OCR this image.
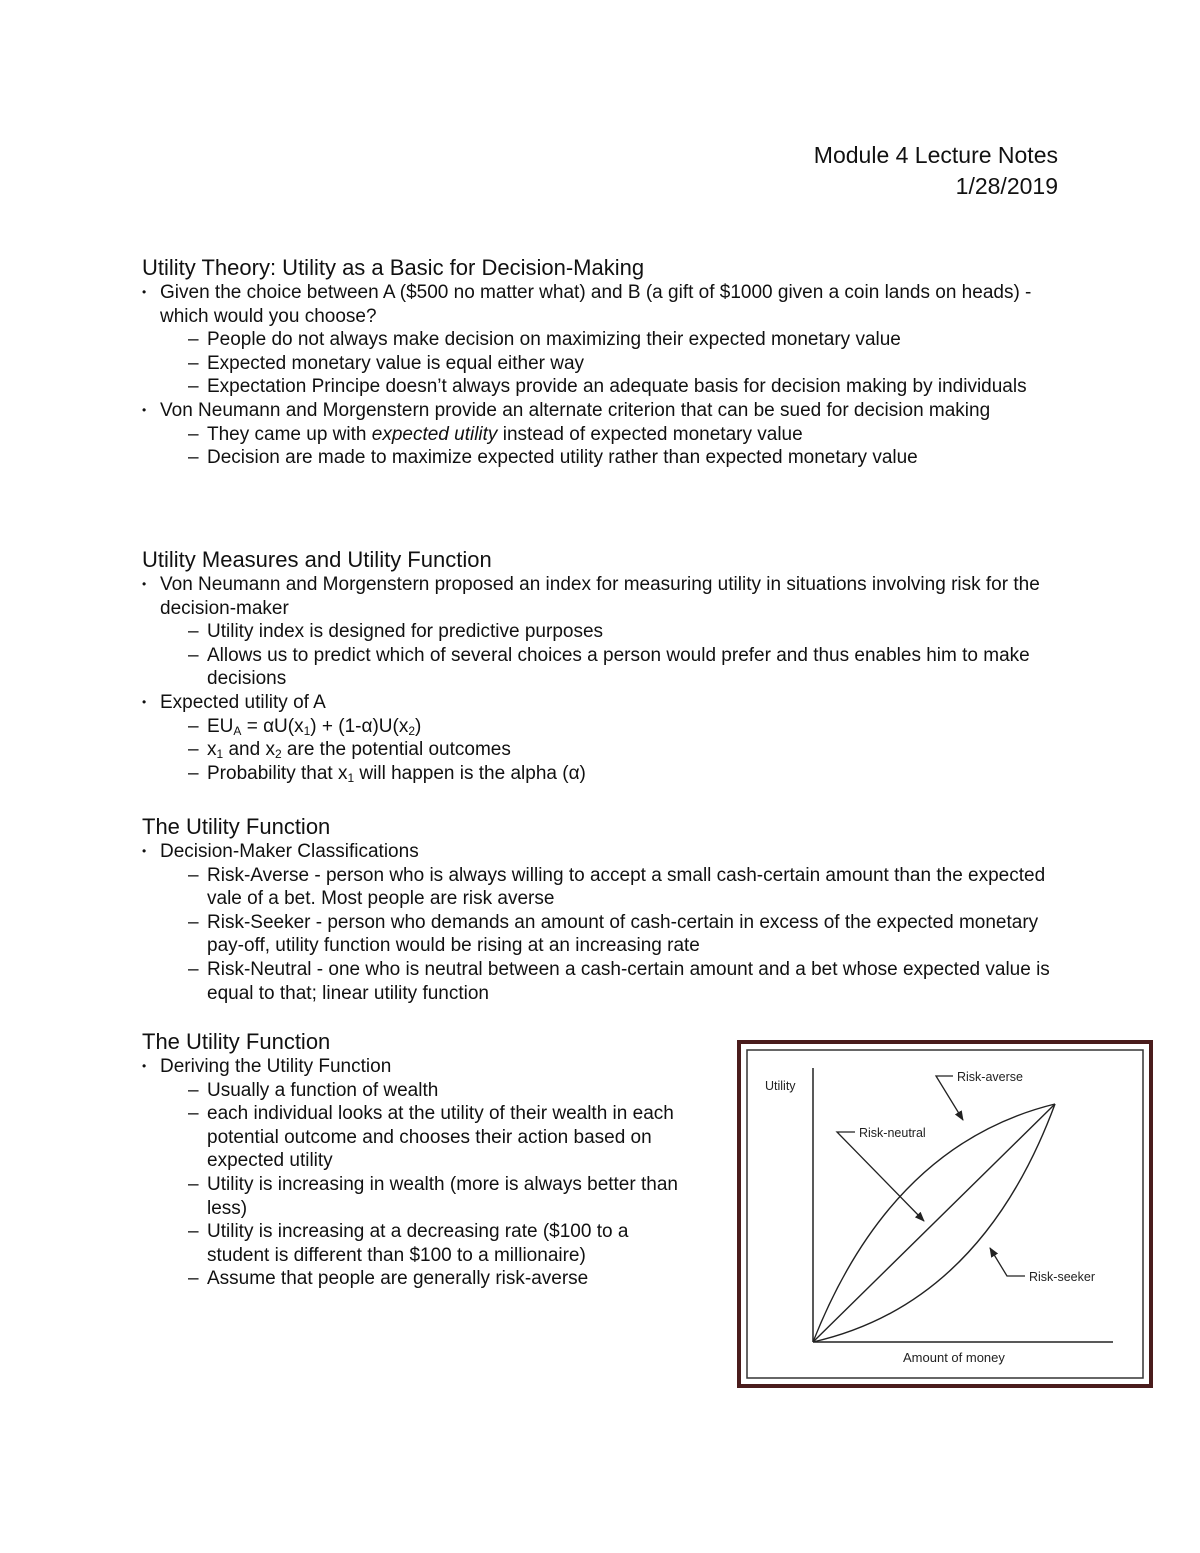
Module 4 Lecture Notes
1/28/2019
Utility Theory: Utility as a Basic for Decision-Making
• Given the choice between A ($500 no matter what) and B (a gift of $1000 given a coin lands on heads) - which would you choose?
– People do not always make decision on maximizing their expected monetary value
– Expected monetary value is equal either way
– Expectation Principe doesn’t always provide an adequate basis for decision making by individuals
• Von Neumann and Morgenstern provide an alternate criterion that can be sued for decision making
– They came up with expected utility instead of expected monetary value
– Decision are made to maximize expected utility rather than expected monetary value
Utility Measures and Utility Function
• Von Neumann and Morgenstern proposed an index for measuring utility in situations involving risk for the decision-maker
– Utility index is designed for predictive purposes
– Allows us to predict which of several choices a person would prefer and thus enables him to make decisions
• Expected utility of A
– $EU_A = \alpha U(x_1) + (1-\alpha)U(x_2)$
– $x_1$ and $x_2$ are the potential outcomes
– Probability that $x_1$ will happen is the alpha (α)
The Utility Function
• Decision-Maker Classifications
– Risk-Averse - person who is always willing to accept a small cash-certain amount than the expected vale of a bet. Most people are risk averse
– Risk-Seeker - person who demands an amount of cash-certain in excess of the expected monetary pay-off, utility function would be rising at an increasing rate
– Risk-Neutral - one who is neutral between a cash-certain amount and a bet whose expected value is equal to that; linear utility function
The Utility Function
• Deriving the Utility Function
– Usually a function of wealth
– each individual looks at the utility of their wealth in each potential outcome and chooses their action based on expected utility
– Utility is increasing in wealth (more is always better than less)
– Utility is increasing at a decreasing rate ($100 to a student is different than $100 to a millionaire)
– Assume that people are generally risk-averse
Utility
Risk-averse
Risk-neutral
Risk-seeker
Amount of money
